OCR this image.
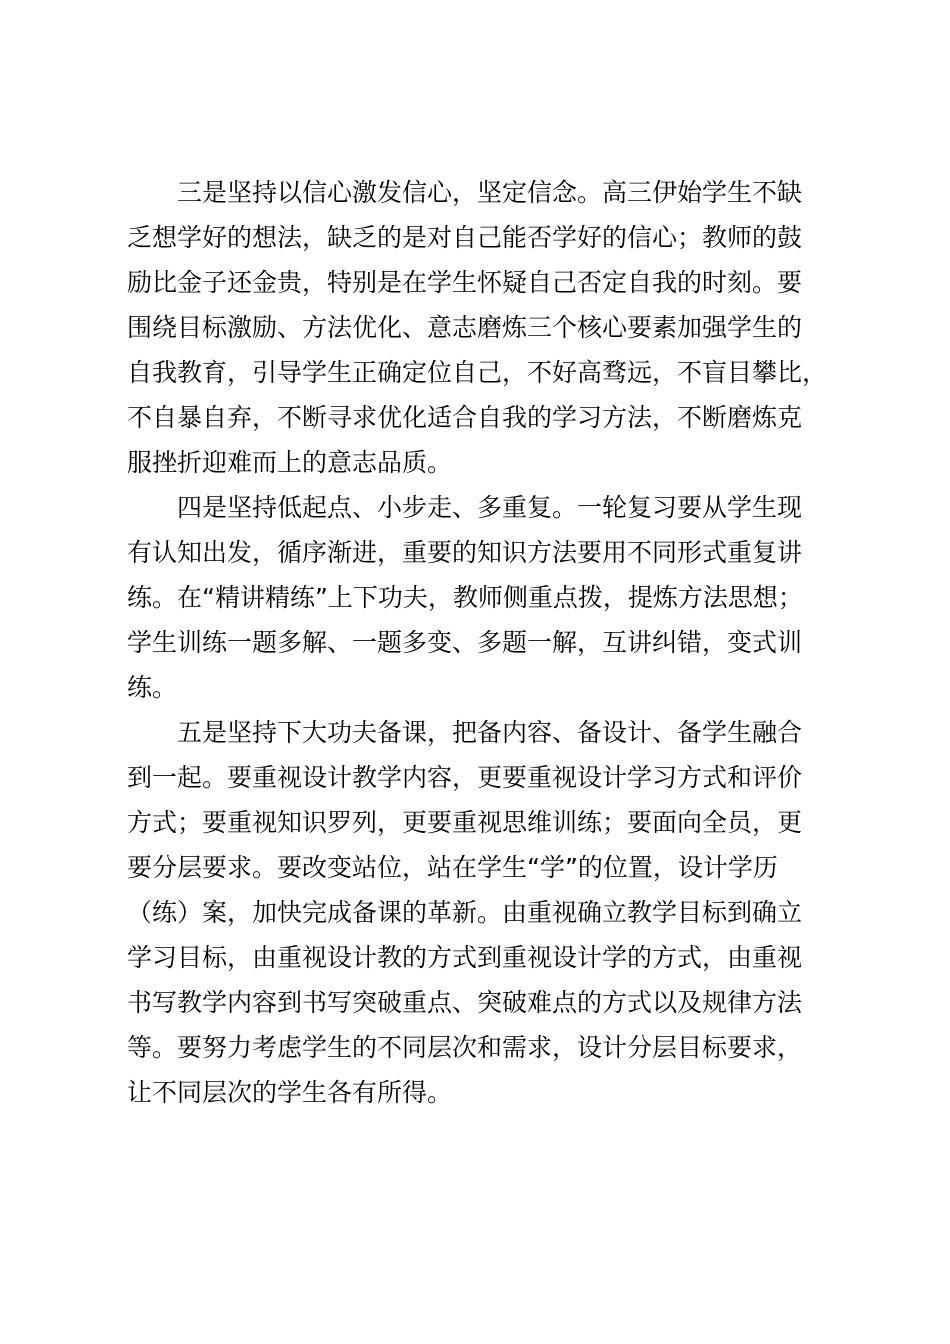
三是坚持以信心激发信心，坚定信念。高三伊始学生不缺
乏想学好的想法，缺乏的是对自己能否学好的信心；教师的鼓
励比金子还金贵，特别是在学生怀疑自己否定自我的时刻。要
围绕目标激励、方法优化、意志磨炼三个核心要素加强学生的
自我教育，引导学生正确定位自己，不好高骛远，不盲目攀比，
不自暴自弃，不断寻求优化适合自我的学习方法，不断磨炼克
服挫折迎难而上的意志品质。

四是坚持低起点、小步走、多重复。一轮复习要从学生现
有认知出发，循序渐进，重要的知识方法要用不同形式重复讲
练。在“精讲精练”上下功夫，教师侧重点拨，提炼方法思想；
学生训练一题多解、一题多变、多题一解，互讲纠错，变式训
练。

五是坚持下大功夫备课，把备内容、备设计、备学生融合
到一起。要重视设计教学内容，更要重视设计学习方式和评价
方式；要重视知识罗列，更要重视思维训练；要面向全员，更
要分层要求。要改变站位，站在学生“学”的位置，设计学历
（练）案，加快完成备课的革新。由重视确立教学目标到确立
学习目标，由重视设计教的方式到重视设计学的方式，由重视
书写教学内容到书写突破重点、突破难点的方式以及规律方法
等。要努力考虑学生的不同层次和需求，设计分层目标要求，
让不同层次的学生各有所得。
